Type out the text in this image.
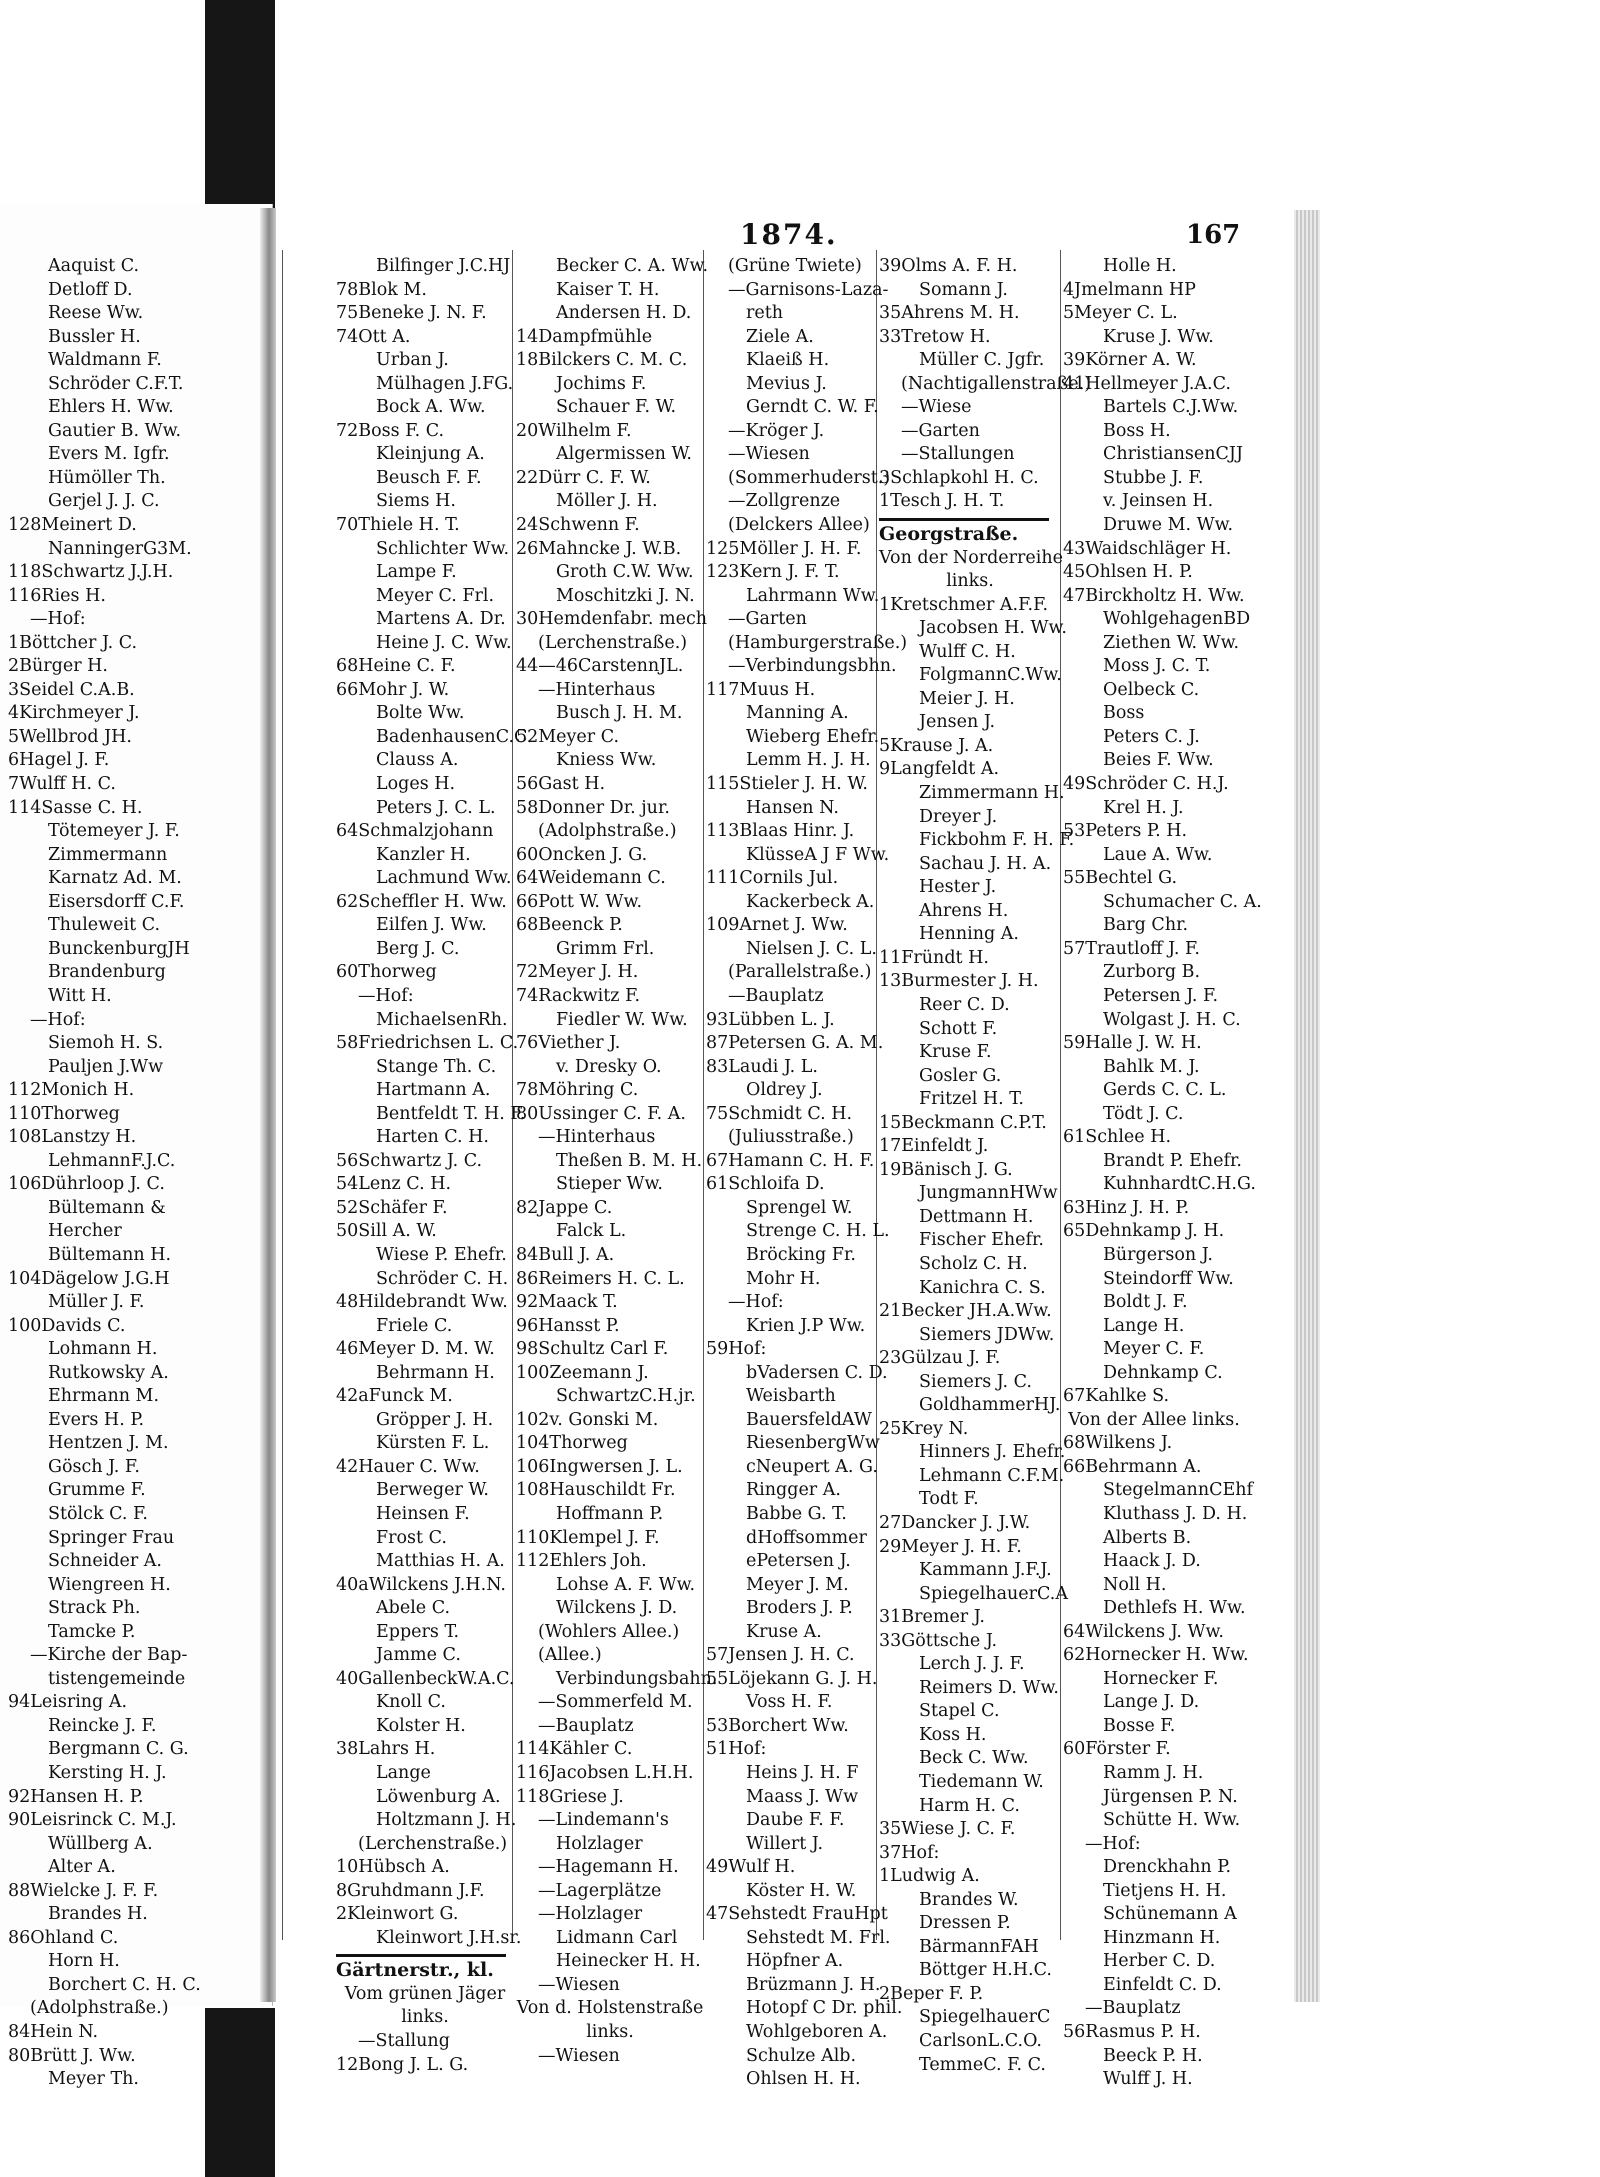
1874.	167
Aaquist C.
Detloff D.
Reese Ww.
Bussler H.
Waldmann F.
Schröder C.F.T.
Ehlers H. Ww.
Gautier B. Ww.
Evers M. Igfr.
Hümöller Th.
Gerjel J. J. C.
128Meinert D.
NanningerG3M.
118Schwartz J.J.H.
116Ries H.
—Hof:
1Böttcher J. C.
2Bürger H.
3Seidel C.A.B.
4Kirchmeyer J.
5Wellbrod JH.
6Hagel J. F.
7Wulff H. C.
114Sasse C. H.
Tötemeyer J. F.
Zimmermann
Karnatz Ad. M.
Eisersdorff C.F.
Thuleweit C.
BunckenburgJH
Brandenburg
Witt H.
—Hof:
Siemoh H. S.
Pauljen J.Ww
112Monich H.
110Thorweg
108Lanstzy H.
LehmannF.J.C.
106Dührloop J. C.
Bültemann &
Hercher
Bültemann H.
104Dägelow J.G.H
Müller J. F.
100Davids C.
Lohmann H.
Rutkowsky A.
Ehrmann M.
Evers H. P.
Hentzen J. M.
Gösch J. F.
Grumme F.
Stölck C. F.
Springer Frau
Schneider A.
Wiengreen H.
Strack Ph.
Tamcke P.
—Kirche der Bap-
tistengemeinde
94Leisring A.
Reincke J. F.
Bergmann C. G.
Kersting H. J.
92Hansen H. P.
90Leisrinck C. M.J.
Wüllberg A.
Alter A.
88Wielcke J. F. F.
Brandes H.
86Ohland C.
Horn H.
Borchert C. H. C.
(Adolphstraße.)
84Hein N.
80Brütt J. Ww.
Meyer Th.
Bilfinger J.C.HJ
78Blok M.
75Beneke J. N. F.
74Ott A.
Urban J.
Mülhagen J.FG.
Bock A. Ww.
72Boss F. C.
Kleinjung A.
Beusch F. F.
Siems H.
70Thiele H. T.
Schlichter Ww.
Lampe F.
Meyer C. Frl.
Martens A. Dr.
Heine J. C. Ww.
68Heine C. F.
66Mohr J. W.
Bolte Ww.
BadenhausenC.C.
Clauss A.
Loges H.
Peters J. C. L.
64Schmalzjohann
Kanzler H.
Lachmund Ww.
62Scheffler H. Ww.
Eilfen J. Ww.
Berg J. C.
60Thorweg
—Hof:
MichaelsenRh.
58Friedrichsen L. C.
Stange Th. C.
Hartmann A.
Bentfeldt T. H. F.
Harten C. H.
56Schwartz J. C.
54Lenz C. H.
52Schäfer F.
50Sill A. W.
Wiese P. Ehefr.
Schröder C. H.
48Hildebrandt Ww.
Friele C.
46Meyer D. M. W.
Behrmann H.
42aFunck M.
Gröpper J. H.
Kürsten F. L.
42Hauer C. Ww.
Berweger W.
Heinsen F.
Frost C.
Matthias H. A.
40aWilckens J.H.N.
Abele C.
Eppers T.
Jamme C.
40GallenbeckW.A.C.
Knoll C.
Kolster H.
38Lahrs H.
Lange
Löwenburg A.
Holtzmann J. H.
(Lerchenstraße.)
10Hübsch A.
8Gruhdmann J.F.
2Kleinwort G.
Kleinwort J.H.sr.
Gärtnerstr., kl.
Vom grünen Jäger
links.
—Stallung
12Bong J. L. G.
Becker C. A. Ww.
Kaiser T. H.
Andersen H. D.
14Dampfmühle
18Bilckers C. M. C.
Jochims F.
Schauer F. W.
20Wilhelm F.
Algermissen W.
22Dürr C. F. W.
Möller J. H.
24Schwenn F.
26Mahncke J. W.B.
Groth C.W. Ww.
Moschitzki J. N.
30Hemdenfabr. mech
(Lerchenstraße.)
44—46CarstennJL.
—Hinterhaus
Busch J. H. M.
52Meyer C.
Kniess Ww.
56Gast H.
58Donner Dr. jur.
(Adolphstraße.)
60Oncken J. G.
64Weidemann C.
66Pott W. Ww.
68Beenck P.
Grimm Frl.
72Meyer J. H.
74Rackwitz F.
Fiedler W. Ww.
76Viether J.
v. Dresky O.
78Möhring C.
80Ussinger C. F. A.
—Hinterhaus
Theßen B. M. H.
Stieper Ww.
82Jappe C.
Falck L.
84Bull J. A.
86Reimers H. C. L.
92Maack T.
96Hansst P.
98Schultz Carl F.
100Zeemann J.
SchwartzC.H.jr.
102v. Gonski M.
104Thorweg
106Ingwersen J. L.
108Hauschildt Fr.
Hoffmann P.
110Klempel J. F.
112Ehlers Joh.
Lohse A. F. Ww.
Wilckens J. D.
(Wohlers Allee.)
(Allee.)
Verbindungsbahn.
—Sommerfeld M.
—Bauplatz
114Kähler C.
116Jacobsen L.H.H.
118Griese J.
—Lindemann's
Holzlager
—Hagemann H.
—Lagerplätze
—Holzlager
Lidmann Carl
Heinecker H. H.
—Wiesen
Von d. Holstenstraße
links.
—Wiesen
(Grüne Twiete)
—Garnisons-Laza-
reth
Ziele A.
Klaeiß H.
Mevius J.
Gerndt C. W. F.
—Kröger J.
—Wiesen
(Sommerhuderst.)
—Zollgrenze
(Delckers Allee)
125Möller J. H. F.
123Kern J. F. T.
Lahrmann Ww.
—Garten
(Hamburgerstraße.)
—Verbindungsbhn.
117Muus H.
Manning A.
Wieberg Ehefr.
Lemm H. J. H.
115Stieler J. H. W.
Hansen N.
113Blaas Hinr. J.
KlüsseA J F Ww.
111Cornils Jul.
Kackerbeck A.
109Arnet J. Ww.
Nielsen J. C. L.
(Parallelstraße.)
—Bauplatz
93Lübben L. J.
87Petersen G. A. M.
83Laudi J. L.
Oldrey J.
75Schmidt C. H.
(Juliusstraße.)
67Hamann C. H. F.
61Schloifa D.
Sprengel W.
Strenge C. H. L.
Bröcking Fr.
Mohr H.
—Hof:
Krien J.P Ww.
59Hof:
bVadersen C. D.
Weisbarth
BauersfeldAW
RiesenbergWw
cNeupert A. G.
Ringger A.
Babbe G. T.
dHoffsommer
ePetersen J.
Meyer J. M.
Broders J. P.
Kruse A.
57Jensen J. H. C.
55Löjekann G. J. H.
Voss H. F.
53Borchert Ww.
51Hof:
Heins J. H. F
Maass J. Ww
Daube F. F.
Willert J.
49Wulf H.
Köster H. W.
47Sehstedt FrauHpt
Sehstedt M. Frl.
Höpfner A.
Brüzmann J. H.
Hotopf C Dr. phil.
Wohlgeboren A.
Schulze Alb.
Ohlsen H. H.
39Olms A. F. H.
Somann J.
35Ahrens M. H.
33Tretow H.
Müller C. Jgfr.
(Nachtigallenstraße.)
—Wiese
—Garten
—Stallungen
3Schlapkohl H. C.
1Tesch J. H. T.
Georgstraße.
Von der Norderreihe
links.
1Kretschmer A.F.F.
Jacobsen H. Ww.
Wulff C. H.
FolgmannC.Ww.
Meier J. H.
Jensen J.
5Krause J. A.
9Langfeldt A.
Zimmermann H.
Dreyer J.
Fickbohm F. H. F.
Sachau J. H. A.
Hester J.
Ahrens H.
Henning A.
11Fründt H.
13Burmester J. H.
Reer C. D.
Schott F.
Kruse F.
Gosler G.
Fritzel H. T.
15Beckmann C.P.T.
17Einfeldt J.
19Bänisch J. G.
JungmannHWw
Dettmann H.
Fischer Ehefr.
Scholz C. H.
Kanichra C. S.
21Becker JH.A.Ww.
Siemers JDWw.
23Gülzau J. F.
Siemers J. C.
GoldhammerHJ.
25Krey N.
Hinners J. Ehefr.
Lehmann C.F.M.
Todt F.
27Dancker J. J.W.
29Meyer J. H. F.
Kammann J.F.J.
SpiegelhauerC.A
31Bremer J.
33Göttsche J.
Lerch J. J. F.
Reimers D. Ww.
Stapel C.
Koss H.
Beck C. Ww.
Tiedemann W.
Harm H. C.
35Wiese J. C. F.
37Hof:
1Ludwig A.
Brandes W.
Dressen P.
BärmannFAH
Böttger H.H.C.
2Beper F. P.
SpiegelhauerC
CarlsonL.C.O.
TemmeC. F. C.
Holle H.
4Jmelmann HP
5Meyer C. L.
Kruse J. Ww.
39Körner A. W.
41Hellmeyer J.A.C.
Bartels C.J.Ww.
Boss H.
ChristiansenCJJ
Stubbe J. F.
v. Jeinsen H.
Druwe M. Ww.
43Waidschläger H.
45Ohlsen H. P.
47Birckholtz H. Ww.
WohlgehagenBD
Ziethen W. Ww.
Moss J. C. T.
Oelbeck C.
Boss
Peters C. J.
Beies F. Ww.
49Schröder C. H.J.
Krel H. J.
53Peters P. H.
Laue A. Ww.
55Bechtel G.
Schumacher C. A.
Barg Chr.
57Trautloff J. F.
Zurborg B.
Petersen J. F.
Wolgast J. H. C.
59Halle J. W. H.
Bahlk M. J.
Gerds C. C. L.
Tödt J. C.
61Schlee H.
Brandt P. Ehefr.
KuhnhardtC.H.G.
63Hinz J. H. P.
65Dehnkamp J. H.
Bürgerson J.
Steindorff Ww.
Boldt J. F.
Lange H.
Meyer C. F.
Dehnkamp C.
67Kahlke S.
Von der Allee links.
68Wilkens J.
66Behrmann A.
StegelmannCEhf
Kluthass J. D. H.
Alberts B.
Haack J. D.
Noll H.
Dethlefs H. Ww.
64Wilckens J. Ww.
62Hornecker H. Ww.
Hornecker F.
Lange J. D.
Bosse F.
60Förster F.
Ramm J. H.
Jürgensen P. N.
Schütte H. Ww.
—Hof:
Drenckhahn P.
Tietjens H. H.
Schünemann A
Hinzmann H.
Herber C. D.
Einfeldt C. D.
—Bauplatz
56Rasmus P. H.
Beeck P. H.
Wulff J. H.
